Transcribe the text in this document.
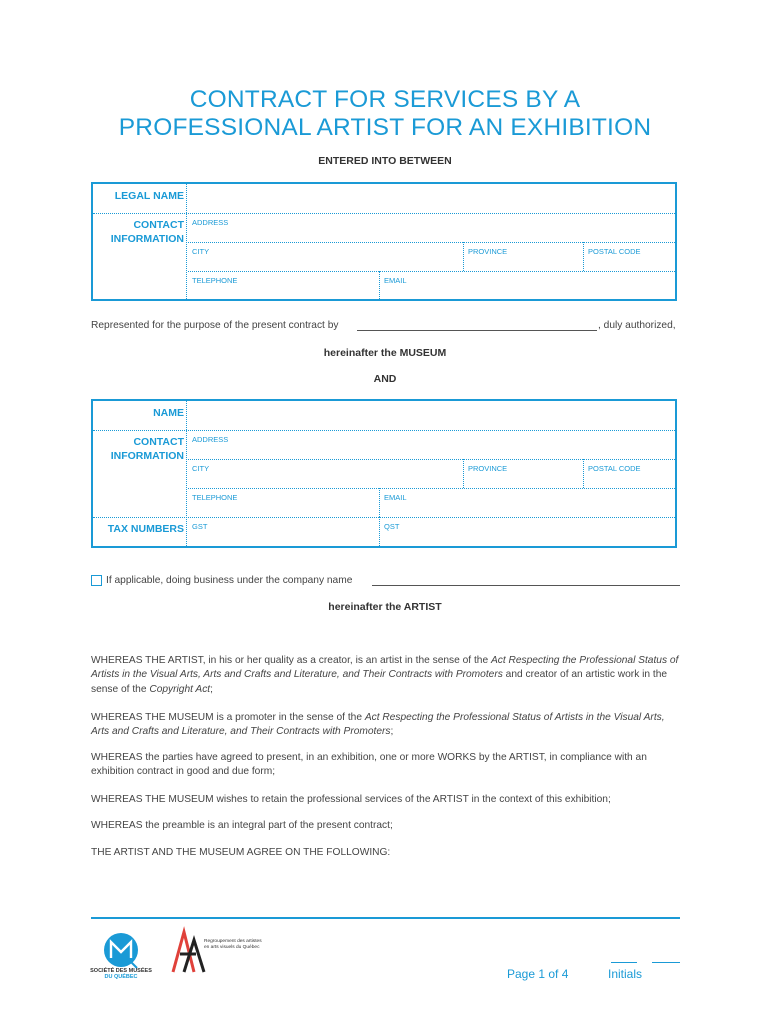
CONTRACT FOR SERVICES BY A
PROFESSIONAL ARTIST FOR AN EXHIBITION
ENTERED INTO BETWEEN
LEGAL NAME
CONTACT
INFORMATION
ADDRESS
CITY	PROVINCE	POSTAL CODE
TELEPHONE	EMAIL
Represented for the purpose of the present contract by	, duly authorized,
hereinafter the MUSEUM
AND
NAME
CONTACT
INFORMATION
ADDRESS
CITY	PROVINCE	POSTAL CODE
TELEPHONE	EMAIL
TAX NUMBERS GST	QST
If applicable, doing business under the company name
hereinafter the ARTIST
WHEREAS THE ARTIST, in his or her quality as a creator, is an artist in the sense of the Act Respecting the Professional Status of Artists in the Visual Arts, Arts and Crafts and Literature, and Their Contracts with Promoters and creator of an artistic work in the sense of the Copyright Act;
WHEREAS THE MUSEUM is a promoter in the sense of the Act Respecting the Professional Status of Artists in the Visual Arts, Arts and Crafts and Literature, and Their Contracts with Promoters;
WHEREAS the parties have agreed to present, in an exhibition, one or more WORKS by the ARTIST, in compliance with an exhibition contract in good and due form;
WHEREAS THE MUSEUM wishes to retain the professional services of the ARTIST in the context of this exhibition;
WHEREAS the preamble is an integral part of the present contract;
THE ARTIST AND THE MUSEUM AGREE ON THE FOLLOWING:
SOCIÉTÉ DES MUSÉES
DU QUÉBEC
Regroupement des artistes
en arts visuels du Québec
Page 1 of 4	Initials
